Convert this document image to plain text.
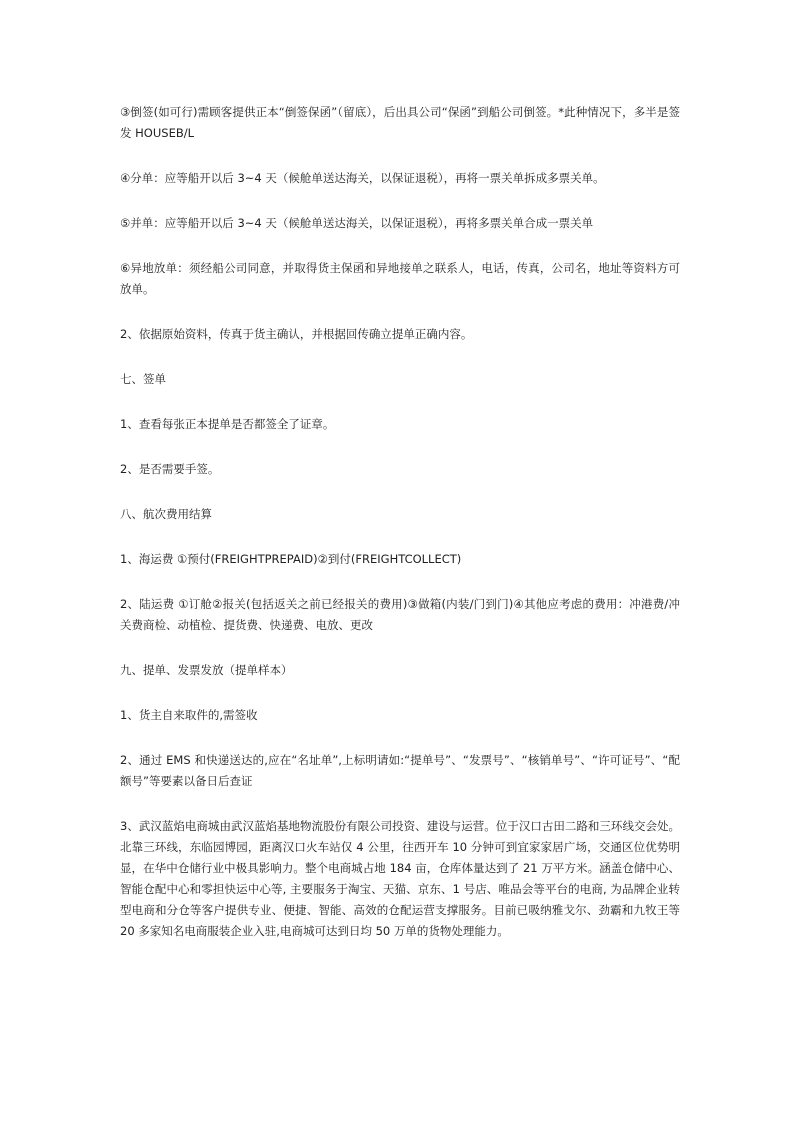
③倒签(如可行)需顾客提供正本“倒签保函”（留底），后出具公司“保函”到船公司倒签。*此种情况下，多半是签发 HOUSEB/L

④分单：应等船开以后 3~4 天（候舱单送达海关，以保证退税），再将一票关单拆成多票关单。

⑤并单：应等船开以后 3~4 天（候舱单送达海关，以保证退税），再将多票关单合成一票关单

⑥异地放单：须经船公司同意，并取得货主保函和异地接单之联系人，电话，传真，公司名，地址等资料方可放单。

2、依据原始资料，传真于货主确认，并根据回传确立提单正确内容。

七、签单

1、查看每张正本提单是否都签全了证章。

2、是否需要手签。

八、航次费用结算

1、海运费 ①预付(FREIGHTPREPAID)②到付(FREIGHTCOLLECT)

2、陆运费 ①订舱②报关(包括返关之前已经报关的费用)③做箱(内装/门到门)④其他应考虑的费用：冲港费/冲关费商检、动植检、提货费、快递费、电放、更改

九、提单、发票发放（提单样本）

1、货主自来取件的,需签收

2、通过 EMS 和快递送达的,应在“名址单”,上标明请如:“提单号”、“发票号”、“核销单号”、“许可证号”、“配额号”等要素以备日后查证

3、武汉蓝焰电商城由武汉蓝焰基地物流股份有限公司投资、建设与运营。位于汉口古田二路和三环线交会处。北靠三环线，东临园博园，距离汉口火车站仅 4 公里，往西开车 10 分钟可到宜家家居广场，交通区位优势明显，在华中仓储行业中极具影响力。整个电商城占地 184 亩，仓库体量达到了 21 万平方米。涵盖仓储中心、智能仓配中心和零担快运中心等, 主要服务于淘宝、天猫、京东、1 号店、唯品会等平台的电商, 为品牌企业转型电商和分仓等客户提供专业、便捷、智能、高效的仓配运营支撑服务。目前已吸纳雅戈尔、劲霸和九牧王等 20 多家知名电商服装企业入驻,电商城可达到日均 50 万单的货物处理能力。
